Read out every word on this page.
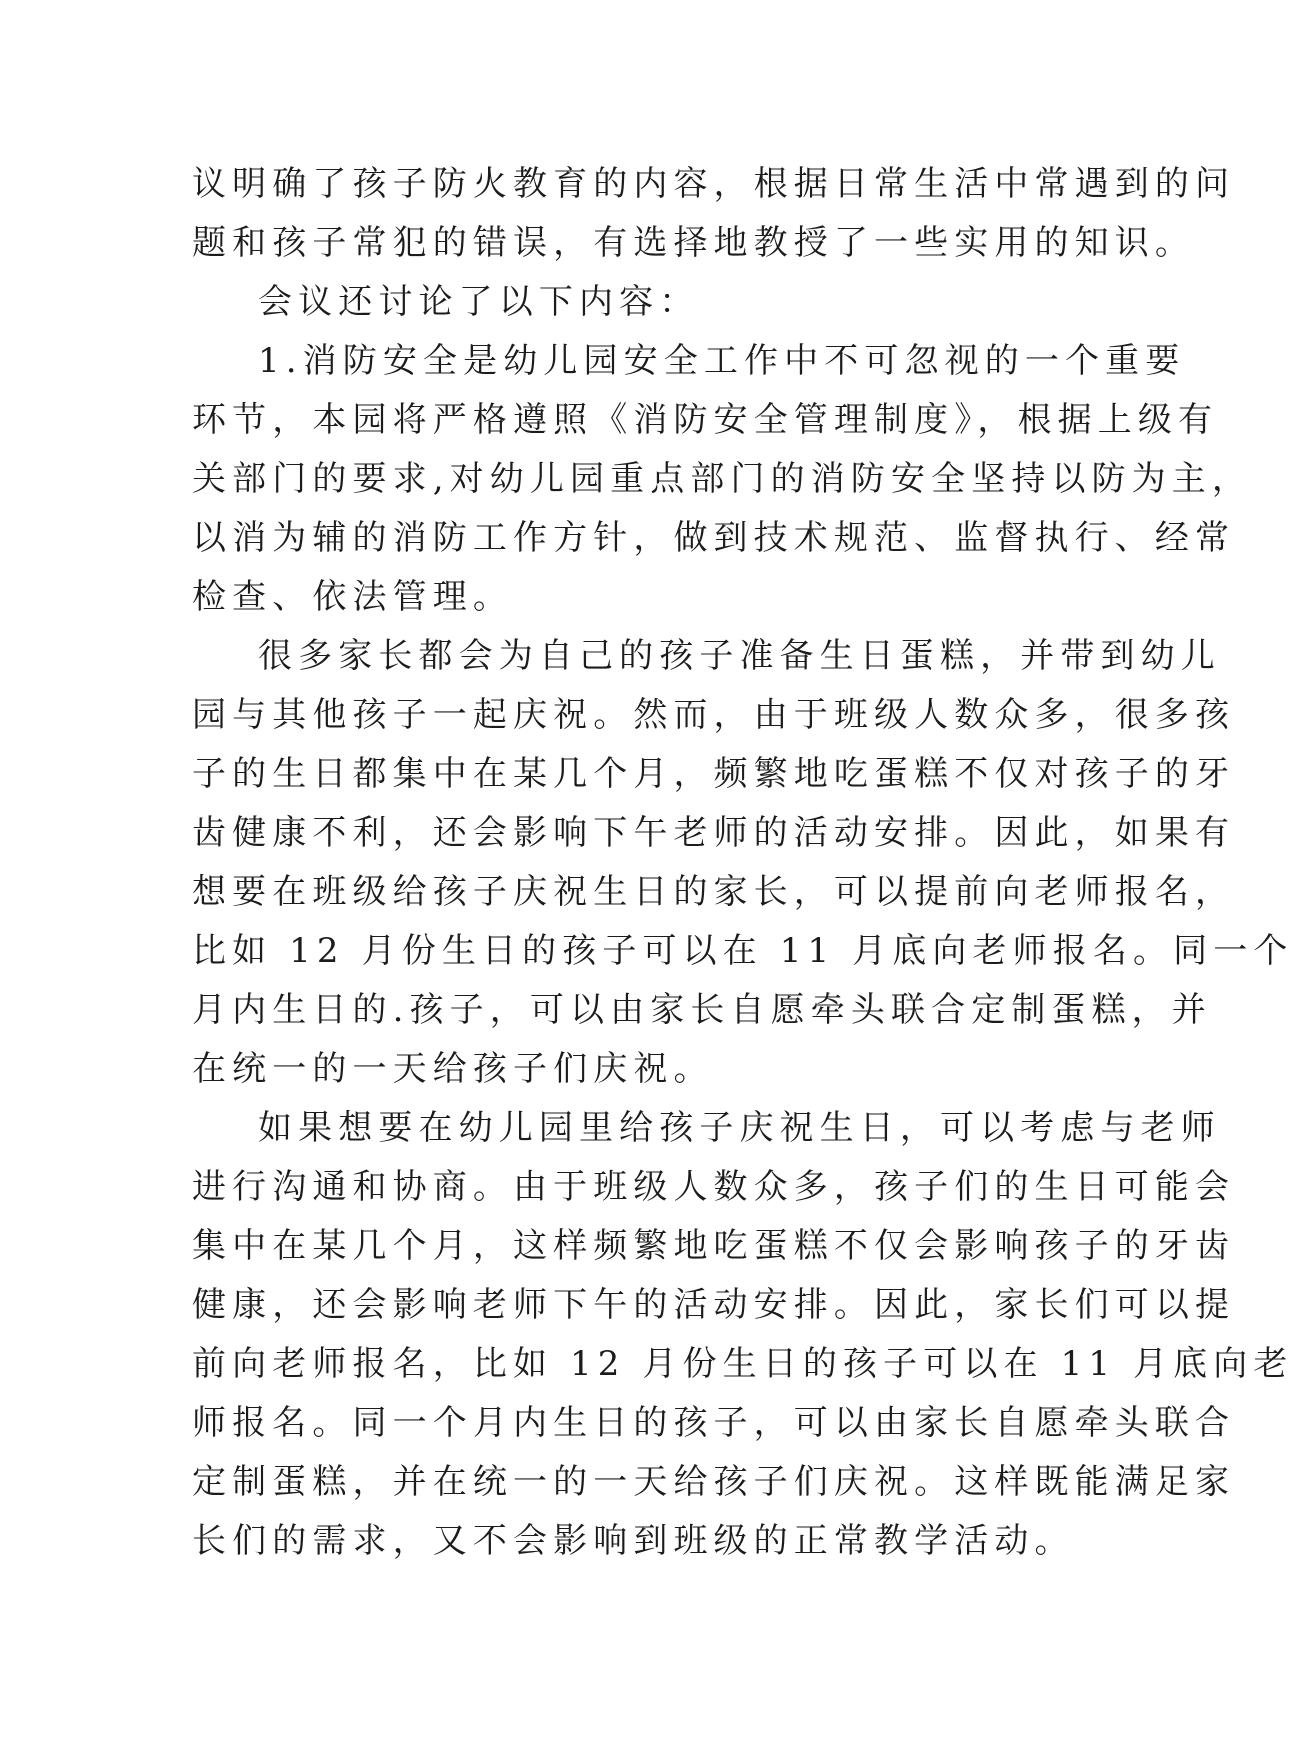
议明确了孩子防火教育的内容，根据日常生活中常遇到的问
题和孩子常犯的错误，有选择地教授了一些实用的知识。
会议还讨论了以下内容：
1.消防安全是幼儿园安全工作中不可忽视的一个重要
环节，本园将严格遵照《消防安全管理制度》，根据上级有
关部门的要求,对幼儿园重点部门的消防安全坚持以防为主，
以消为辅的消防工作方针，做到技术规范、监督执行、经常
检查、依法管理。
很多家长都会为自己的孩子准备生日蛋糕，并带到幼儿
园与其他孩子一起庆祝。然而，由于班级人数众多，很多孩
子的生日都集中在某几个月，频繁地吃蛋糕不仅对孩子的牙
齿健康不利，还会影响下午老师的活动安排。因此，如果有
想要在班级给孩子庆祝生日的家长，可以提前向老师报名，
比如 12 月份生日的孩子可以在 11 月底向老师报名。同一个
月内生日的.孩子，可以由家长自愿牵头联合定制蛋糕，并
在统一的一天给孩子们庆祝。
如果想要在幼儿园里给孩子庆祝生日，可以考虑与老师
进行沟通和协商。由于班级人数众多，孩子们的生日可能会
集中在某几个月，这样频繁地吃蛋糕不仅会影响孩子的牙齿
健康，还会影响老师下午的活动安排。因此，家长们可以提
前向老师报名，比如 12 月份生日的孩子可以在 11 月底向老
师报名。同一个月内生日的孩子，可以由家长自愿牵头联合
定制蛋糕，并在统一的一天给孩子们庆祝。这样既能满足家
长们的需求，又不会影响到班级的正常教学活动。
